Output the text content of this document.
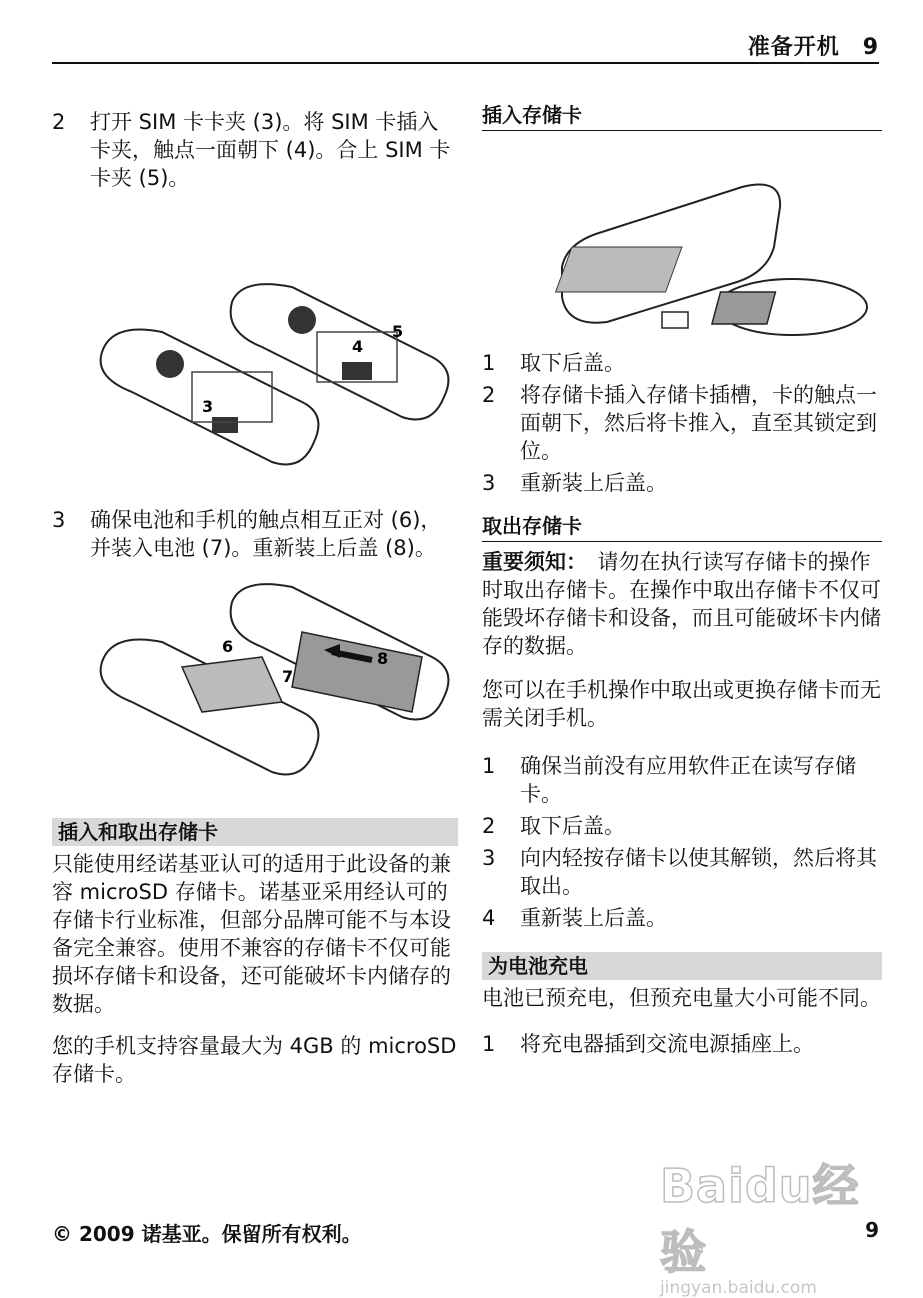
准备开机　9
2	打开 SIM 卡卡夹 (3)。将 SIM 卡插入卡夹，触点一面朝下 (4)。合上 SIM 卡卡夹 (5)。
3
4
5
3	确保电池和手机的触点相互正对 (6)，并装入电池 (7)。重新装上后盖 (8)。
6
7
8
插入和取出存储卡

只能使用经诺基亚认可的适用于此设备的兼容 microSD 存储卡。诺基亚采用经认可的存储卡行业标准，但部分品牌可能不与本设备完全兼容。使用不兼容的存储卡不仅可能损坏存储卡和设备，还可能破坏卡内储存的数据。

您的手机支持容量最大为 4GB 的 microSD 存储卡。

插入存储卡
1	取下后盖。
2	将存储卡插入存储卡插槽，卡的触点一面朝下，然后将卡推入，直至其锁定到位。
3	重新装上后盖。
取出存储卡

重要须知：　请勿在执行读写存储卡的操作时取出存储卡。在操作中取出存储卡不仅可能毁坏存储卡和设备，而且可能破坏卡内储存的数据。

您可以在手机操作中取出或更换存储卡而无需关闭手机。

1	确保当前没有应用软件正在读写存储卡。
2	取下后盖。
3	向内轻按存储卡以使其解锁，然后将其取出。
4	重新装上后盖。
为电池充电

电池已预充电，但预充电量大小可能不同。

1	将充电器插到交流电源插座上。
Baidu经验
jingyan.baidu.com
© 2009 诺基亚。保留所有权利。	9
